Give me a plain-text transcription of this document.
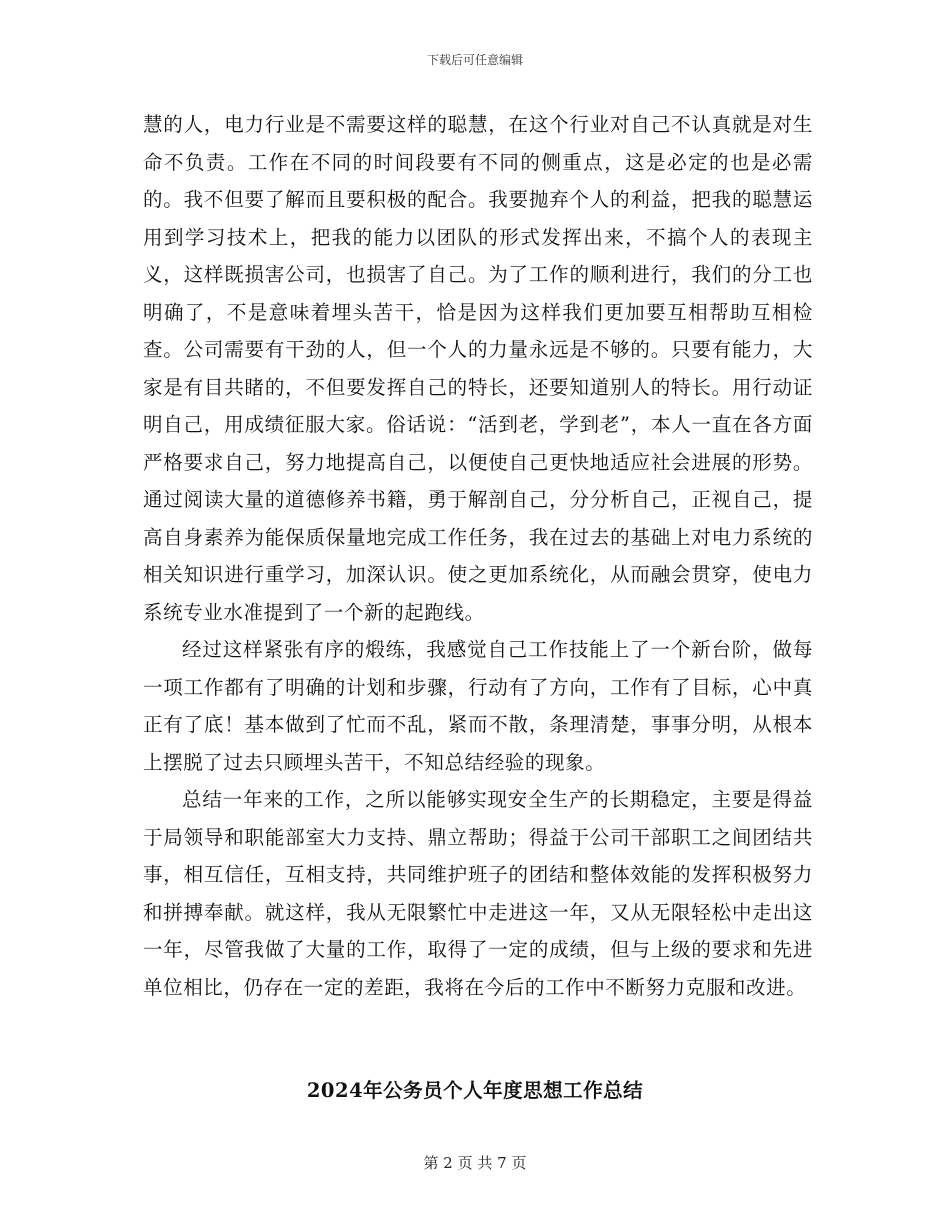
下载后可任意编辑

慧的人，电力行业是不需要这样的聪慧，在这个行业对自己不认真就是对生命不负责。工作在不同的时间段要有不同的侧重点，这是必定的也是必需的。我不但要了解而且要积极的配合。我要抛弃个人的利益，把我的聪慧运用到学习技术上，把我的能力以团队的形式发挥出来，不搞个人的表现主义，这样既损害公司，也损害了自己。为了工作的顺利进行，我们的分工也明确了，不是意味着埋头苦干，恰是因为这样我们更加要互相帮助互相检查。公司需要有干劲的人，但一个人的力量永远是不够的。只要有能力，大家是有目共睹的，不但要发挥自己的特长，还要知道别人的特长。用行动证明自己，用成绩征服大家。俗话说：“活到老，学到老”，本人一直在各方面严格要求自己，努力地提高自己，以便使自己更快地适应社会进展的形势。通过阅读大量的道德修养书籍，勇于解剖自己，分分析自己，正视自己，提高自身素养为能保质保量地完成工作任务，我在过去的基础上对电力系统的相关知识进行重学习，加深认识。使之更加系统化，从而融会贯穿，使电力系统专业水准提到了一个新的起跑线。

经过这样紧张有序的煅练，我感觉自己工作技能上了一个新台阶，做每一项工作都有了明确的计划和步骤，行动有了方向，工作有了目标，心中真正有了底！基本做到了忙而不乱，紧而不散，条理清楚，事事分明，从根本上摆脱了过去只顾埋头苦干，不知总结经验的现象。

总结一年来的工作，之所以能够实现安全生产的长期稳定，主要是得益于局领导和职能部室大力支持、鼎立帮助；得益于公司干部职工之间团结共事，相互信任，互相支持，共同维护班子的团结和整体效能的发挥积极努力和拼搏奉献。就这样，我从无限繁忙中走进这一年，又从无限轻松中走出这一年，尽管我做了大量的工作，取得了一定的成绩，但与上级的要求和先进单位相比，仍存在一定的差距，我将在今后的工作中不断努力克服和改进。

2024年公务员个人年度思想工作总结
第 2 页 共 7 页
